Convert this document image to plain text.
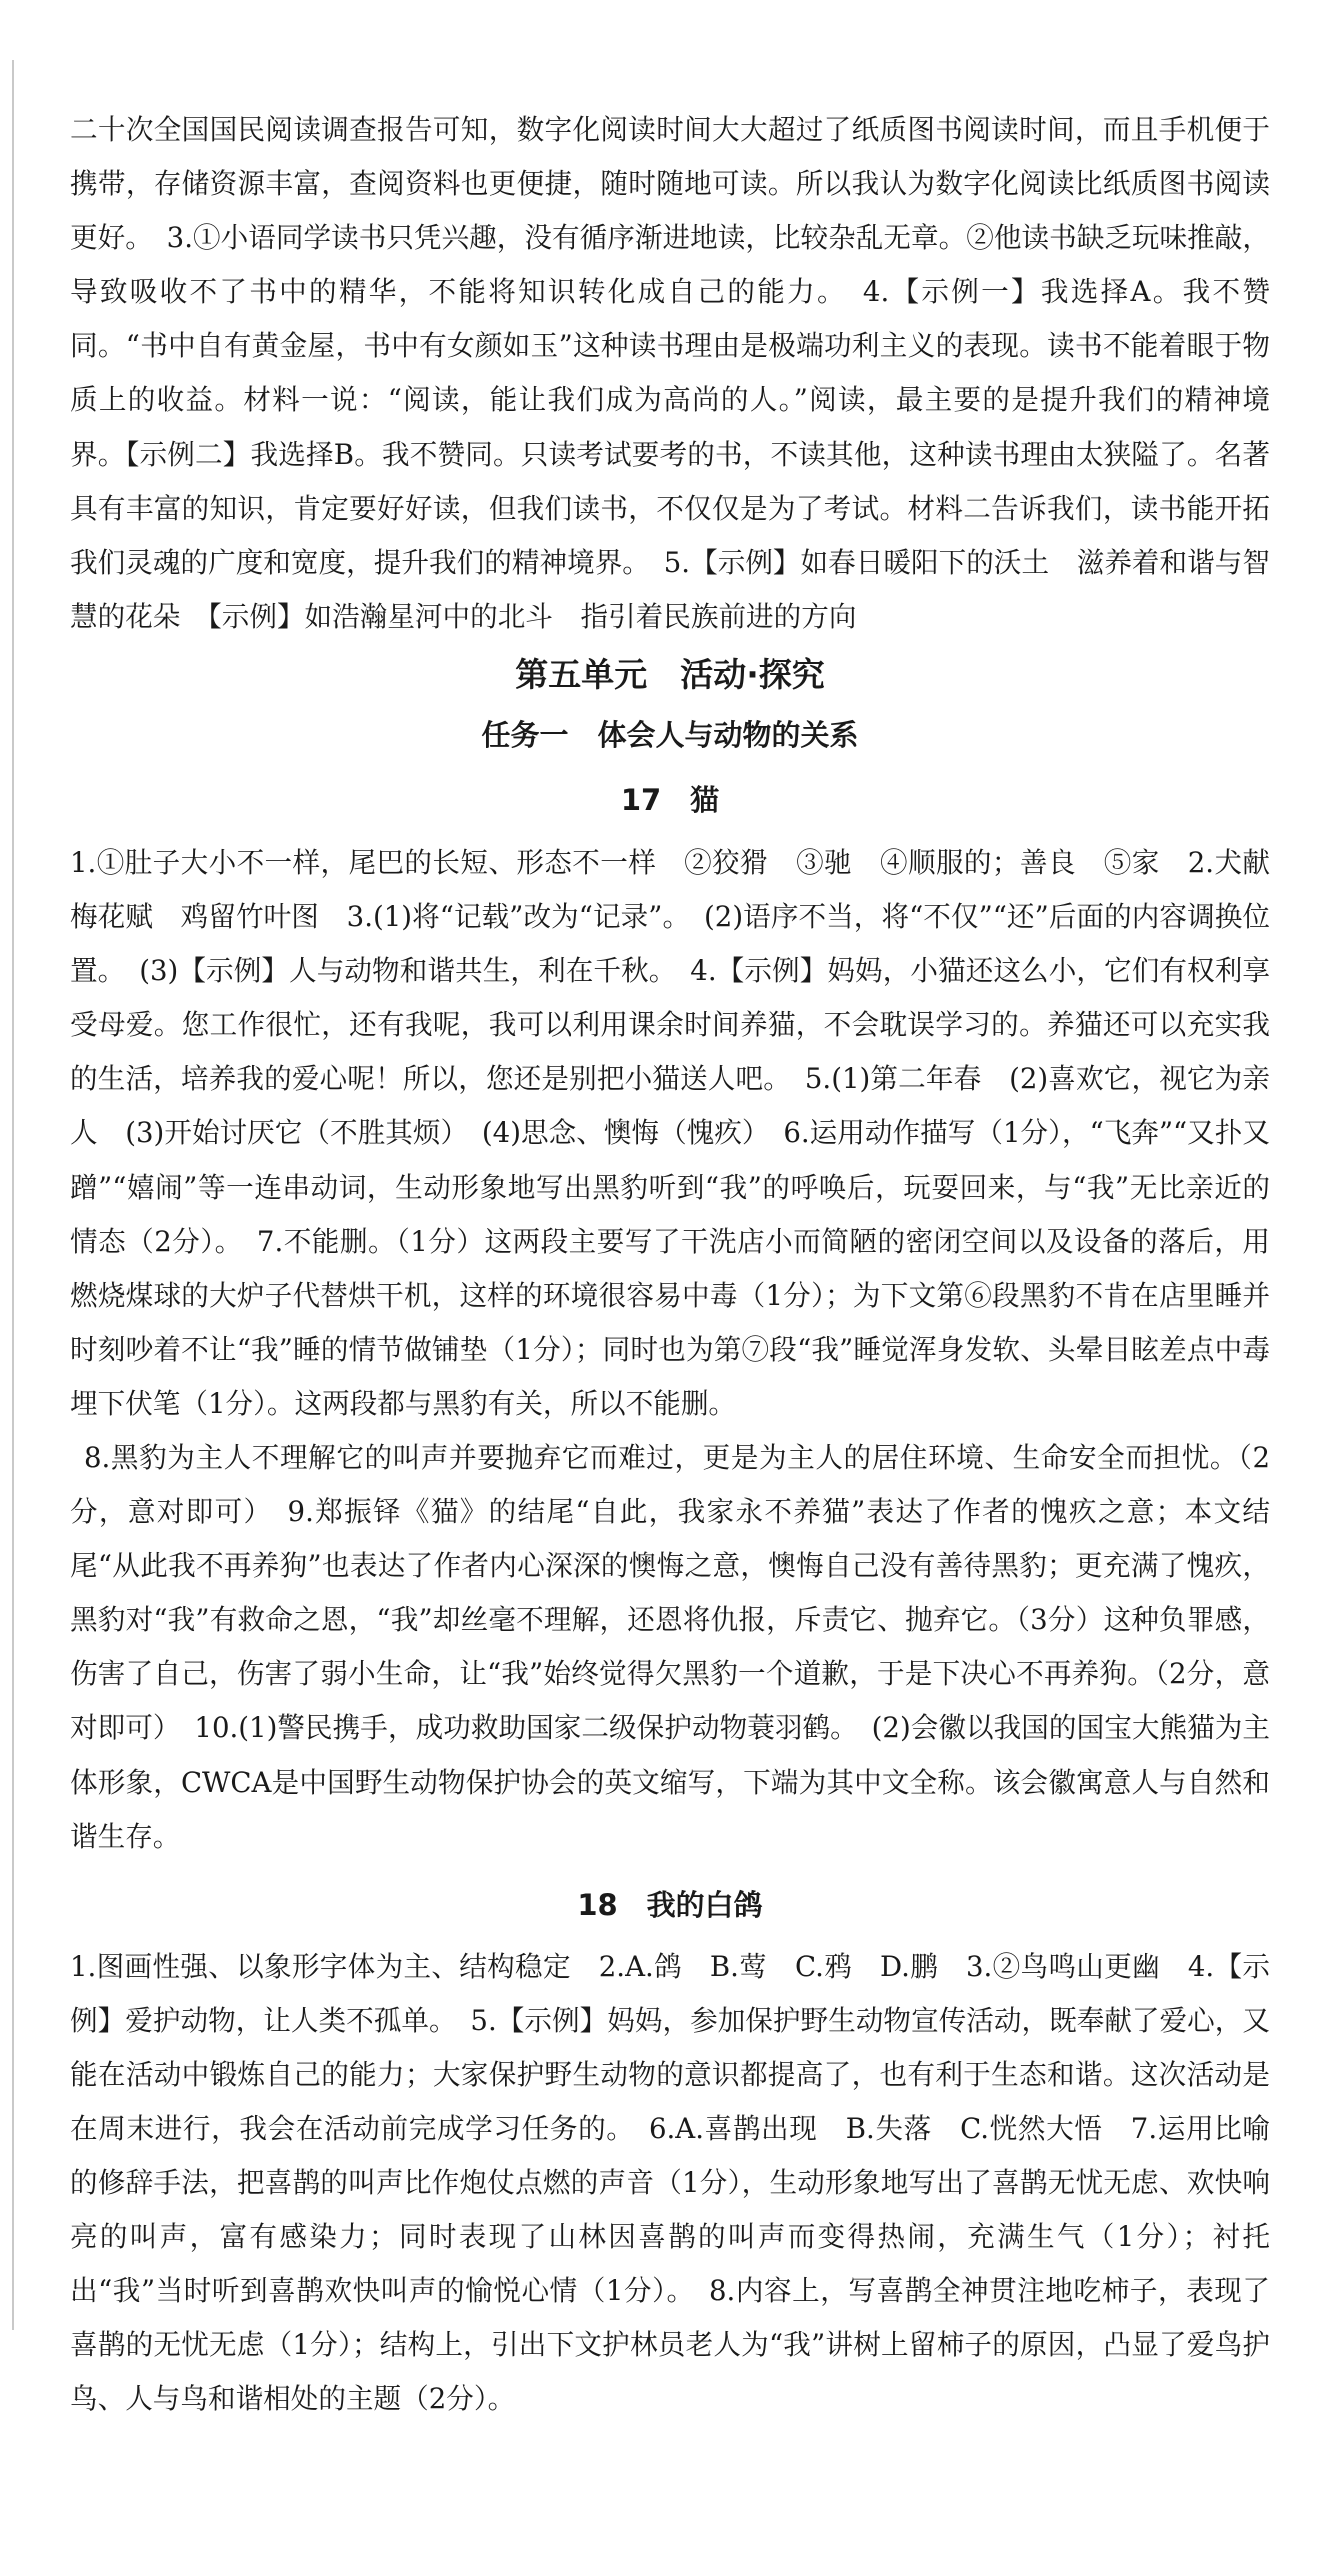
二十次全国国民阅读调查报告可知，数字化阅读时间大大超过了纸质图书阅读时间，而且手机便于携带，存储资源丰富，查阅资料也更便捷，随时随地可读。所以我认为数字化阅读比纸质图书阅读更好。　3.①小语同学读书只凭兴趣，没有循序渐进地读，比较杂乱无章。②他读书缺乏玩味推敲，导致吸收不了书中的精华，不能将知识转化成自己的能力。　4.【示例一】我选择A。我不赞同。“书中自有黄金屋，书中有女颜如玉”这种读书理由是极端功利主义的表现。读书不能着眼于物质上的收益。材料一说：“阅读，能让我们成为高尚的人。”阅读，最主要的是提升我们的精神境界。【示例二】我选择B。我不赞同。只读考试要考的书，不读其他，这种读书理由太狭隘了。名著具有丰富的知识，肯定要好好读，但我们读书，不仅仅是为了考试。材料二告诉我们，读书能开拓我们灵魂的广度和宽度，提升我们的精神境界。　5.【示例】如春日暖阳下的沃土　滋养着和谐与智慧的花朵　【示例】如浩瀚星河中的北斗　指引着民族前进的方向

第五单元　活动·探究
任务一　体会人与动物的关系
17　猫

1.①肚子大小不一样，尾巴的长短、形态不一样　②狡猾　③驰　④顺服的；善良　⑤家　2.犬献梅花赋　鸡留竹叶图　3.(1)将“记载”改为“记录”。　(2)语序不当，将“不仅”“还”后面的内容调换位置。　(3)【示例】人与动物和谐共生，利在千秋。　4.【示例】妈妈，小猫还这么小，它们有权利享受母爱。您工作很忙，还有我呢，我可以利用课余时间养猫，不会耽误学习的。养猫还可以充实我的生活，培养我的爱心呢！所以，您还是别把小猫送人吧。　5.(1)第二年春　(2)喜欢它，视它为亲人　(3)开始讨厌它（不胜其烦）　(4)思念、懊悔（愧疚）　6.运用动作描写（1分），“飞奔”“又扑又蹭”“嬉闹”等一连串动词，生动形象地写出黑豹听到“我”的呼唤后，玩耍回来，与“我”无比亲近的情态（2分）。　7.不能删。（1分）这两段主要写了干洗店小而简陋的密闭空间以及设备的落后，用燃烧煤球的大炉子代替烘干机，这样的环境很容易中毒（1分）；为下文第⑥段黑豹不肯在店里睡并时刻吵着不让“我”睡的情节做铺垫（1分）；同时也为第⑦段“我”睡觉浑身发软、头晕目眩差点中毒埋下伏笔（1分）。这两段都与黑豹有关，所以不能删。

8.黑豹为主人不理解它的叫声并要抛弃它而难过，更是为主人的居住环境、生命安全而担忧。（2分，意对即可）　9.郑振铎《猫》的结尾“自此，我家永不养猫”表达了作者的愧疚之意；本文结尾“从此我不再养狗”也表达了作者内心深深的懊悔之意，懊悔自己没有善待黑豹；更充满了愧疚，黑豹对“我”有救命之恩，“我”却丝毫不理解，还恩将仇报，斥责它、抛弃它。（3分）这种负罪感，伤害了自己，伤害了弱小生命，让“我”始终觉得欠黑豹一个道歉，于是下决心不再养狗。（2分，意对即可）　10.(1)警民携手，成功救助国家二级保护动物蓑羽鹤。　(2)会徽以我国的国宝大熊猫为主体形象，CWCA是中国野生动物保护协会的英文缩写，下端为其中文全称。该会徽寓意人与自然和谐生存。

18　我的白鸽

1.图画性强、以象形字体为主、结构稳定　2.A.鸽　B.莺　C.鸦　D.鹏　3.②鸟鸣山更幽　4.【示例】爱护动物，让人类不孤单。　5.【示例】妈妈，参加保护野生动物宣传活动，既奉献了爱心，又能在活动中锻炼自己的能力；大家保护野生动物的意识都提高了，也有利于生态和谐。这次活动是在周末进行，我会在活动前完成学习任务的。　6.A.喜鹊出现　B.失落　C.恍然大悟　7.运用比喻的修辞手法，把喜鹊的叫声比作炮仗点燃的声音（1分），生动形象地写出了喜鹊无忧无虑、欢快响亮的叫声，富有感染力；同时表现了山林因喜鹊的叫声而变得热闹，充满生气（1分）；衬托出“我”当时听到喜鹊欢快叫声的愉悦心情（1分）。　8.内容上，写喜鹊全神贯注地吃柿子，表现了喜鹊的无忧无虑（1分）；结构上，引出下文护林员老人为“我”讲树上留柿子的原因，凸显了爱鸟护鸟、人与鸟和谐相处的主题（2分）。
